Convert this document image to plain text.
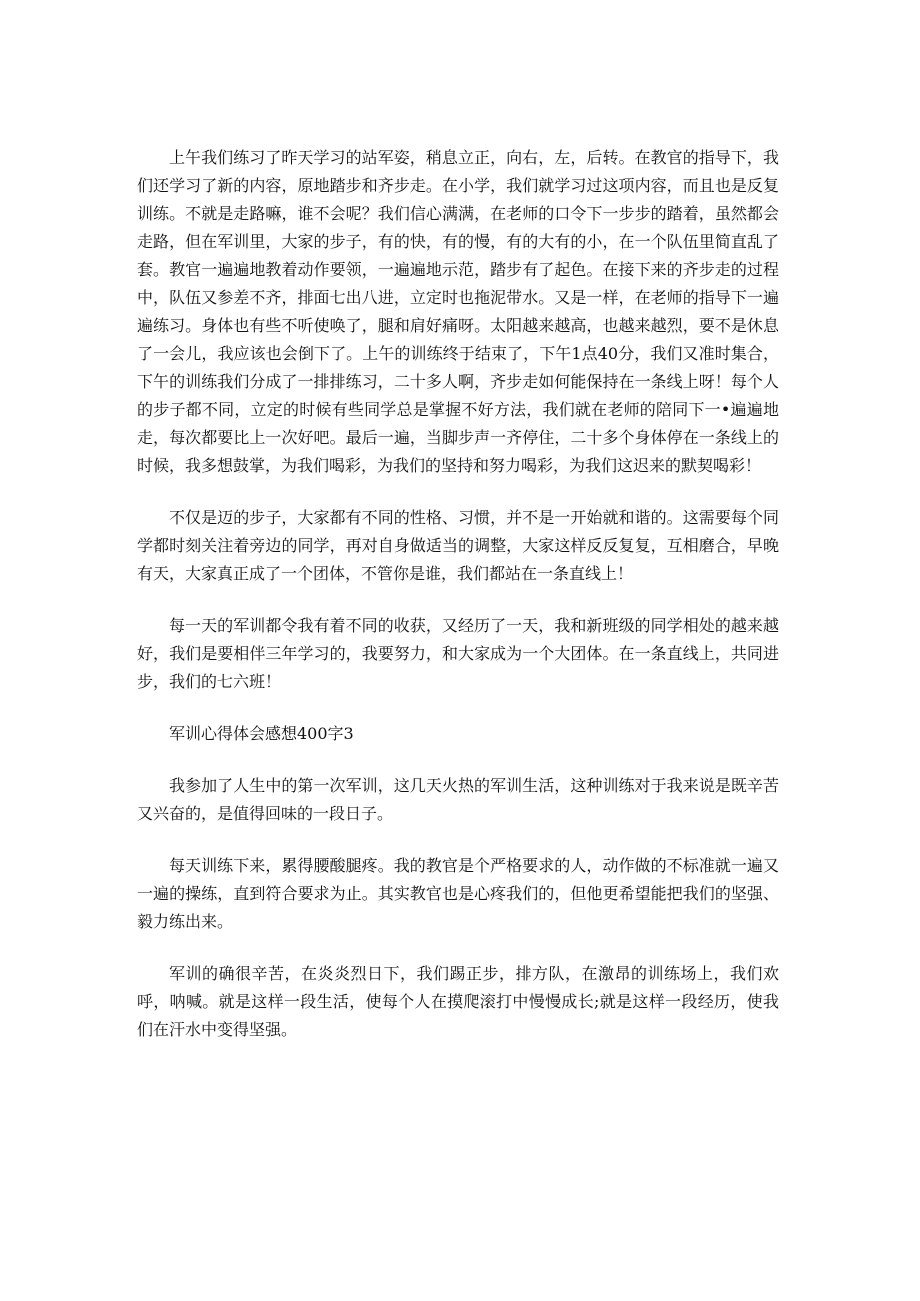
上午我们练习了昨天学习的站军姿，稍息立正，向右，左，后转。在教官的指导下，我们还学习了新的内容，原地踏步和齐步走。在小学，我们就学习过这项内容，而且也是反复训练。不就是走路嘛，谁不会呢？我们信心满满，在老师的口令下一步步的踏着，虽然都会走路，但在军训里，大家的步子，有的快，有的慢，有的大有的小，在一个队伍里简直乱了套。教官一遍遍地教着动作要领，一遍遍地示范，踏步有了起色。在接下来的齐步走的过程中，队伍又参差不齐，排面七出八进，立定时也拖泥带水。又是一样，在老师的指导下一遍遍练习。身体也有些不听使唤了，腿和肩好痛呀。太阳越来越高，也越来越烈，要不是休息了一会儿，我应该也会倒下了。上午的训练终于结束了，下午1点40分，我们又准时集合，下午的训练我们分成了一排排练习，二十多人啊，齐步走如何能保持在一条线上呀！每个人的步子都不同，立定的时候有些同学总是掌握不好方法，我们就在老师的陪同下一•遍遍地走，每次都要比上一次好吧。最后一遍，当脚步声一齐停住，二十多个身体停在一条线上的时候，我多想鼓掌，为我们喝彩，为我们的坚持和努力喝彩，为我们这迟来的默契喝彩！

不仅是迈的步子，大家都有不同的性格、习惯，并不是一开始就和谐的。这需要每个同学都时刻关注着旁边的同学，再对自身做适当的调整，大家这样反反复复，互相磨合，早晚有天，大家真正成了一个团体，不管你是谁，我们都站在一条直线上！

每一天的军训都令我有着不同的收获，又经历了一天，我和新班级的同学相处的越来越好，我们是要相伴三年学习的，我要努力，和大家成为一个大团体。在一条直线上，共同进步，我们的七六班！

军训心得体会感想400字3

我参加了人生中的第一次军训，这几天火热的军训生活，这种训练对于我来说是既辛苦又兴奋的，是值得回味的一段日子。

每天训练下来，累得腰酸腿疼。我的教官是个严格要求的人，动作做的不标准就一遍又一遍的操练，直到符合要求为止。其实教官也是心疼我们的，但他更希望能把我们的坚强、毅力练出来。

军训的确很辛苦，在炎炎烈日下，我们踢正步，排方队，在激昂的训练场上，我们欢呼，呐喊。就是这样一段生活，使每个人在摸爬滚打中慢慢成长;就是这样一段经历，使我们在汗水中变得坚强。
